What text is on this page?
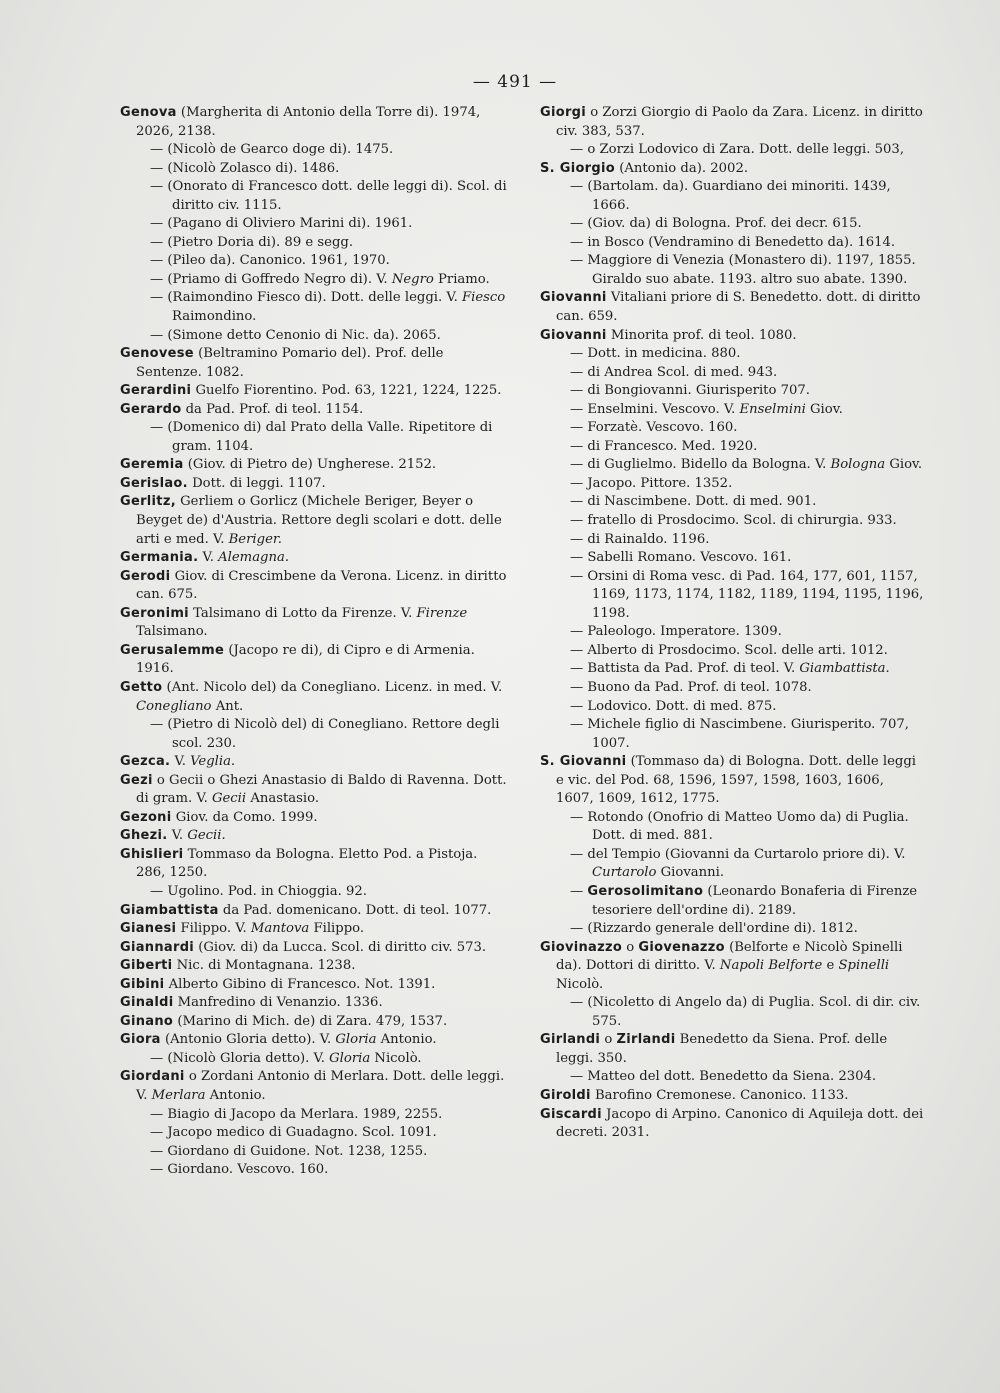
— 491 —

Genova (Margherita di Antonio della Torre di). 1974, 2026, 2138.

— (Nicolò de Gearco doge di). 1475.

— (Nicolò Zolasco di). 1486.

— (Onorato di Francesco dott. delle leggi di). Scol. di diritto civ. 1115.

— (Pagano di Oliviero Marini di). 1961.

— (Pietro Doria di). 89 e segg.

— (Pileo da). Canonico. 1961, 1970.

— (Priamo di Goffredo Negro di). V. Negro Priamo.

— (Raimondino Fiesco di). Dott. delle leggi. V. Fiesco Raimondino.

— (Simone detto Cenonio di Nic. da). 2065.

Genovese (Beltramino Pomario del). Prof. delle Sentenze. 1082.

Gerardini Guelfo Fiorentino. Pod. 63, 1221, 1224, 1225.

Gerardo da Pad. Prof. di teol. 1154.

— (Domenico di) dal Prato della Valle. Ripetitore di gram. 1104.

Geremia (Giov. di Pietro de) Ungherese. 2152.

Gerislao. Dott. di leggi. 1107.

Gerlitz, Gerliem o Gorlicz (Michele Beriger, Beyer o Beyget de) d'Austria. Rettore degli scolari e dott. delle arti e med. V. Beriger.

Germania. V. Alemagna.

Gerodi Giov. di Crescimbene da Verona. Licenz. in diritto can. 675.

Geronimi Talsimano di Lotto da Firenze. V. Firenze Talsimano.

Gerusalemme (Jacopo re di), di Cipro e di Armenia. 1916.

Getto (Ant. Nicolo del) da Conegliano. Licenz. in med. V. Conegliano Ant.

— (Pietro di Nicolò del) di Conegliano. Rettore degli scol. 230.

Gezca. V. Veglia.

Gezi o Gecii o Ghezi Anastasio di Baldo di Ravenna. Dott. di gram. V. Gecii Anastasio.

Gezoni Giov. da Como. 1999.

Ghezi. V. Gecii.

Ghislieri Tommaso da Bologna. Eletto Pod. a Pistoja. 286, 1250.

— Ugolino. Pod. in Chioggia. 92.

Giambattista da Pad. domenicano. Dott. di teol. 1077.

Gianesi Filippo. V. Mantova Filippo.

Giannardi (Giov. di) da Lucca. Scol. di diritto civ. 573.

Giberti Nic. di Montagnana. 1238.

Gibini Alberto Gibino di Francesco. Not. 1391.

Ginaldi Manfredino di Venanzio. 1336.

Ginano (Marino di Mich. de) di Zara. 479, 1537.

Giora (Antonio Gloria detto). V. Gloria Antonio.

— (Nicolò Gloria detto). V. Gloria Nicolò.

Giordani o Zordani Antonio di Merlara. Dott. delle leggi. V. Merlara Antonio.

— Biagio di Jacopo da Merlara. 1989, 2255.

— Jacopo medico di Guadagno. Scol. 1091.

— Giordano di Guidone. Not. 1238, 1255.

— Giordano. Vescovo. 160.

Giorgi o Zorzi Giorgio di Paolo da Zara. Licenz. in diritto civ. 383, 537.

— o Zorzi Lodovico di Zara. Dott. delle leggi. 503,

S. Giorgio (Antonio da). 2002.

— (Bartolam. da). Guardiano dei minoriti. 1439, 1666.

— (Giov. da) di Bologna. Prof. dei decr. 615.

— in Bosco (Vendramino di Benedetto da). 1614.

— Maggiore di Venezia (Monastero di). 1197, 1855. Giraldo suo abate. 1193. altro suo abate. 1390.

Giovanni Vitaliani priore di S. Benedetto. dott. di diritto can. 659.

Giovanni Minorita prof. di teol. 1080.

— Dott. in medicina. 880.

— di Andrea Scol. di med. 943.

— di Bongiovanni. Giurisperito 707.

— Enselmini. Vescovo. V. Enselmini Giov.

— Forzatè. Vescovo. 160.

— di Francesco. Med. 1920.

— di Guglielmo. Bidello da Bologna. V. Bologna Giov.

— Jacopo. Pittore. 1352.

— di Nascimbene. Dott. di med. 901.

— fratello di Prosdocimo. Scol. di chirurgia. 933.

— di Rainaldo. 1196.

— Sabelli Romano. Vescovo. 161.

— Orsini di Roma vesc. di Pad. 164, 177, 601, 1157, 1169, 1173, 1174, 1182, 1189, 1194, 1195, 1196, 1198.

— Paleologo. Imperatore. 1309.

— Alberto di Prosdocimo. Scol. delle arti. 1012.

— Battista da Pad. Prof. di teol. V. Giambattista.

— Buono da Pad. Prof. di teol. 1078.

— Lodovico. Dott. di med. 875.

— Michele figlio di Nascimbene. Giurisperito. 707, 1007.

S. Giovanni (Tommaso da) di Bologna. Dott. delle leggi e vic. del Pod. 68, 1596, 1597, 1598, 1603, 1606, 1607, 1609, 1612, 1775.

— Rotondo (Onofrio di Matteo Uomo da) di Puglia. Dott. di med. 881.

— del Tempio (Giovanni da Curtarolo priore di). V. Curtarolo Giovanni.

— Gerosolimitano (Leonardo Bonaferia di Firenze tesoriere dell'ordine di). 2189.

— (Rizzardo generale dell'ordine di). 1812.

Giovinazzo o Giovenazzo (Belforte e Nicolò Spinelli da). Dottori di diritto. V. Napoli Belforte e Spinelli Nicolò.

— (Nicoletto di Angelo da) di Puglia. Scol. di dir. civ. 575.

Girlandi o Zirlandi Benedetto da Siena. Prof. delle leggi. 350.

— Matteo del dott. Benedetto da Siena. 2304.

Giroldi Barofino Cremonese. Canonico. 1133.

Giscardi Jacopo di Arpino. Canonico di Aquileja dott. dei decreti. 2031.
